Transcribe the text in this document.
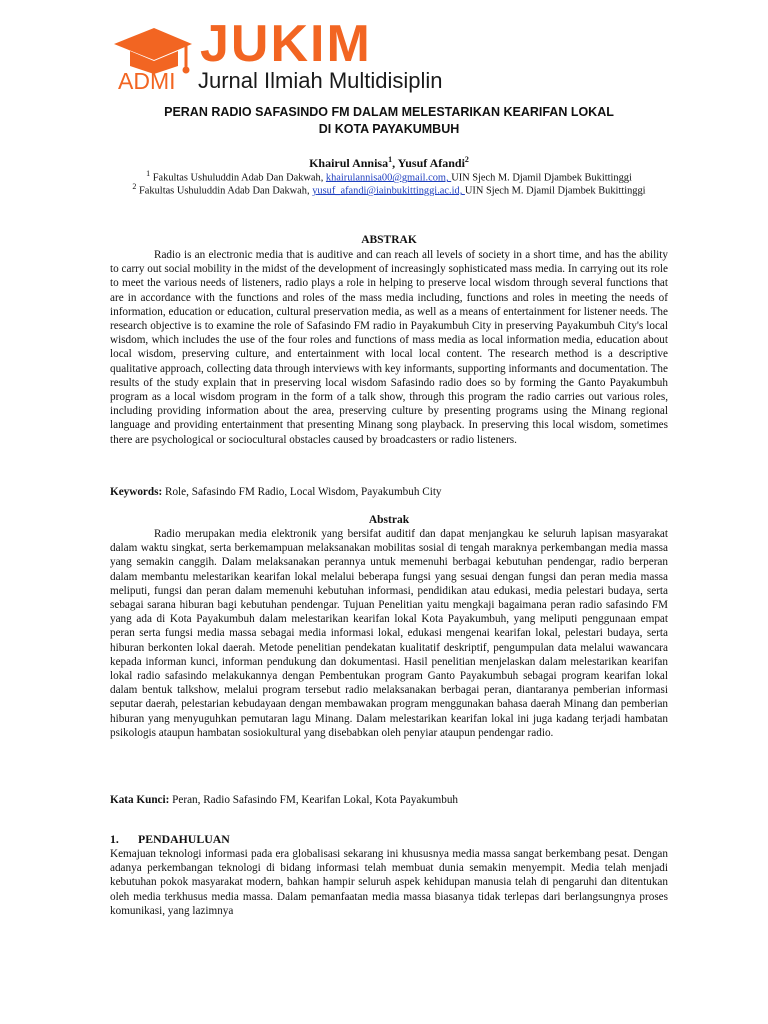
JUKIM
ADMI Jurnal Ilmiah Multidisiplin
PERAN RADIO SAFASINDO FM DALAM MELESTARIKAN KEARIFAN LOKAL
DI KOTA PAYAKUMBUH
Khairul Annisa$^1$, Yusuf Afandi$^2$
$^1$ Fakultas Ushuluddin Adab Dan Dakwah, khairulannisa00@gmail.com, UIN Sjech M. Djamil Djambek Bukittinggi
$^2$ Fakultas Ushuluddin Adab Dan Dakwah, yusuf_afandi@iainbukittinggi.ac.id, UIN Sjech M. Djamil Djambek Bukittinggi
ABSTRAK

Radio is an electronic media that is auditive and can reach all levels of society in a short time, and has the ability to carry out social mobility in the midst of the development of increasingly sophisticated mass media. In carrying out its role to meet the various needs of listeners, radio plays a role in helping to preserve local wisdom through several functions that are in accordance with the functions and roles of the mass media including, functions and roles in meeting the needs of information, education or education, cultural preservation media, as well as a means of entertainment for listener needs. The research objective is to examine the role of Safasindo FM radio in Payakumbuh City in preserving Payakumbuh City's local wisdom, which includes the use of the four roles and functions of mass media as local information media, education about local wisdom, preserving culture, and entertainment with local local content. The research method is a descriptive qualitative approach, collecting data through interviews with key informants, supporting informants and documentation. The results of the study explain that in preserving local wisdom Safasindo radio does so by forming the Ganto Payakumbuh program as a local wisdom program in the form of a talk show, through this program the radio carries out various roles, including providing information about the area, preserving culture by presenting programs using the Minang regional language and providing entertainment that presenting Minang song playback. In preserving this local wisdom, sometimes there are psychological or sociocultural obstacles caused by broadcasters or radio listeners.

Keywords: Role, Safasindo FM Radio, Local Wisdom, Payakumbuh City
Abstrak

Radio merupakan media elektronik yang bersifat auditif dan dapat menjangkau ke seluruh lapisan masyarakat dalam waktu singkat, serta berkemampuan melaksanakan mobilitas sosial di tengah maraknya perkembangan media massa yang semakin canggih. Dalam melaksanakan perannya untuk memenuhi berbagai kebutuhan pendengar, radio berperan dalam membantu melestarikan kearifan lokal melalui beberapa fungsi yang sesuai dengan fungsi dan peran media massa meliputi, fungsi dan peran dalam memenuhi kebutuhan informasi, pendidikan atau edukasi, media pelestari budaya, serta sebagai sarana hiburan bagi kebutuhan pendengar. Tujuan Penelitian yaitu mengkaji bagaimana peran radio safasindo FM yang ada di Kota Payakumbuh dalam melestarikan kearifan lokal Kota Payakumbuh, yang meliputi penggunaan empat peran serta fungsi media massa sebagai media informasi lokal, edukasi mengenai kearifan lokal, pelestari budaya, serta hiburan berkonten lokal daerah. Metode penelitian pendekatan kualitatif deskriptif, pengumpulan data melalui wawancara kepada informan kunci, informan pendukung dan dokumentasi. Hasil penelitian menjelaskan dalam melestarikan kearifan lokal radio safasindo melakukannya dengan Pembentukan program Ganto Payakumbuh sebagai program kearifan lokal dalam bentuk talkshow, melalui program tersebut radio melaksanakan berbagai peran, diantaranya pemberian informasi seputar daerah, pelestarian kebudayaan dengan membawakan program menggunakan bahasa daerah Minang dan pemberian hiburan yang menyuguhkan pemutaran lagu Minang. Dalam melestarikan kearifan lokal ini juga kadang terjadi hambatan psikologis ataupun hambatan sosiokultural yang disebabkan oleh penyiar ataupun pendengar radio.

Kata Kunci: Peran, Radio Safasindo FM, Kearifan Lokal, Kota Payakumbuh
1. PENDAHULUAN

Kemajuan teknologi informasi pada era globalisasi sekarang ini khususnya media massa sangat berkembang pesat. Dengan adanya perkembangan teknologi di bidang informasi telah membuat dunia semakin menyempit. Media telah menjadi kebutuhan pokok masyarakat modern, bahkan hampir seluruh aspek kehidupan manusia telah di pengaruhi dan ditentukan oleh media terkhusus media massa. Dalam pemanfaatan media massa biasanya tidak terlepas dari berlangsungnya proses komunikasi, yang lazimnya
